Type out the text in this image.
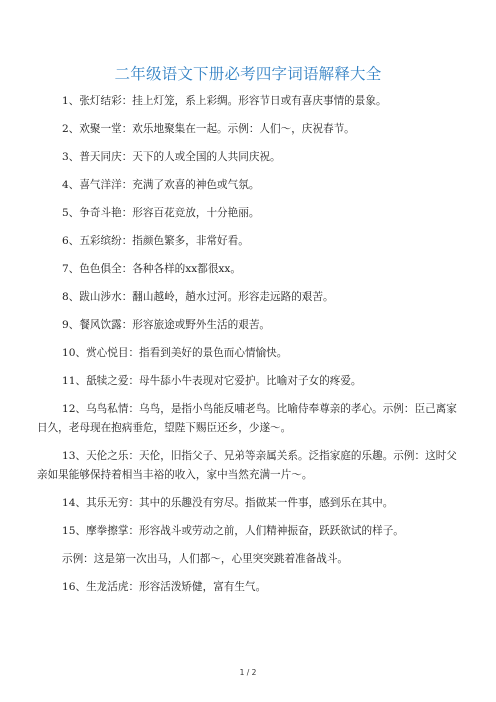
二年级语文下册必考四字词语解释大全

1、张灯结彩：挂上灯笼，系上彩绸。形容节日或有喜庆事情的景象。

2、欢聚一堂：欢乐地聚集在一起。示例：人们～，庆祝春节。

3、普天同庆：天下的人或全国的人共同庆祝。

4、喜气洋洋：充满了欢喜的神色或气氛。

5、争奇斗艳：形容百花竞放，十分艳丽。

6、五彩缤纷：指颜色繁多，非常好看。

7、色色俱全：各种各样的xx都很xx。

8、跋山涉水：翻山越岭，趟水过河。形容走远路的艰苦。

9、餐风饮露：形容旅途或野外生活的艰苦。

10、赏心悦目：指看到美好的景色而心情愉快。

11、舐犊之爱：母牛舔小牛表现对它爱护。比喻对子女的疼爱。

12、乌鸟私情：乌鸟，是指小鸟能反哺老鸟。比喻侍奉尊亲的孝心。示例：臣己离家日久，老母现在抱病垂危，望陛下赐臣还乡，少遂～。

13、天伦之乐：天伦，旧指父子、兄弟等亲属关系。泛指家庭的乐趣。示例：这时父亲如果能够保持着相当丰裕的收入，家中当然充满一片～。

14、其乐无穷：其中的乐趣没有穷尽。指做某一件事，感到乐在其中。

15、摩拳擦掌：形容战斗或劳动之前，人们精神振奋，跃跃欲试的样子。

示例：这是第一次出马，人们都～，心里突突跳着准备战斗。

16、生龙活虎：形容活泼矫健，富有生气。

1 / 2
